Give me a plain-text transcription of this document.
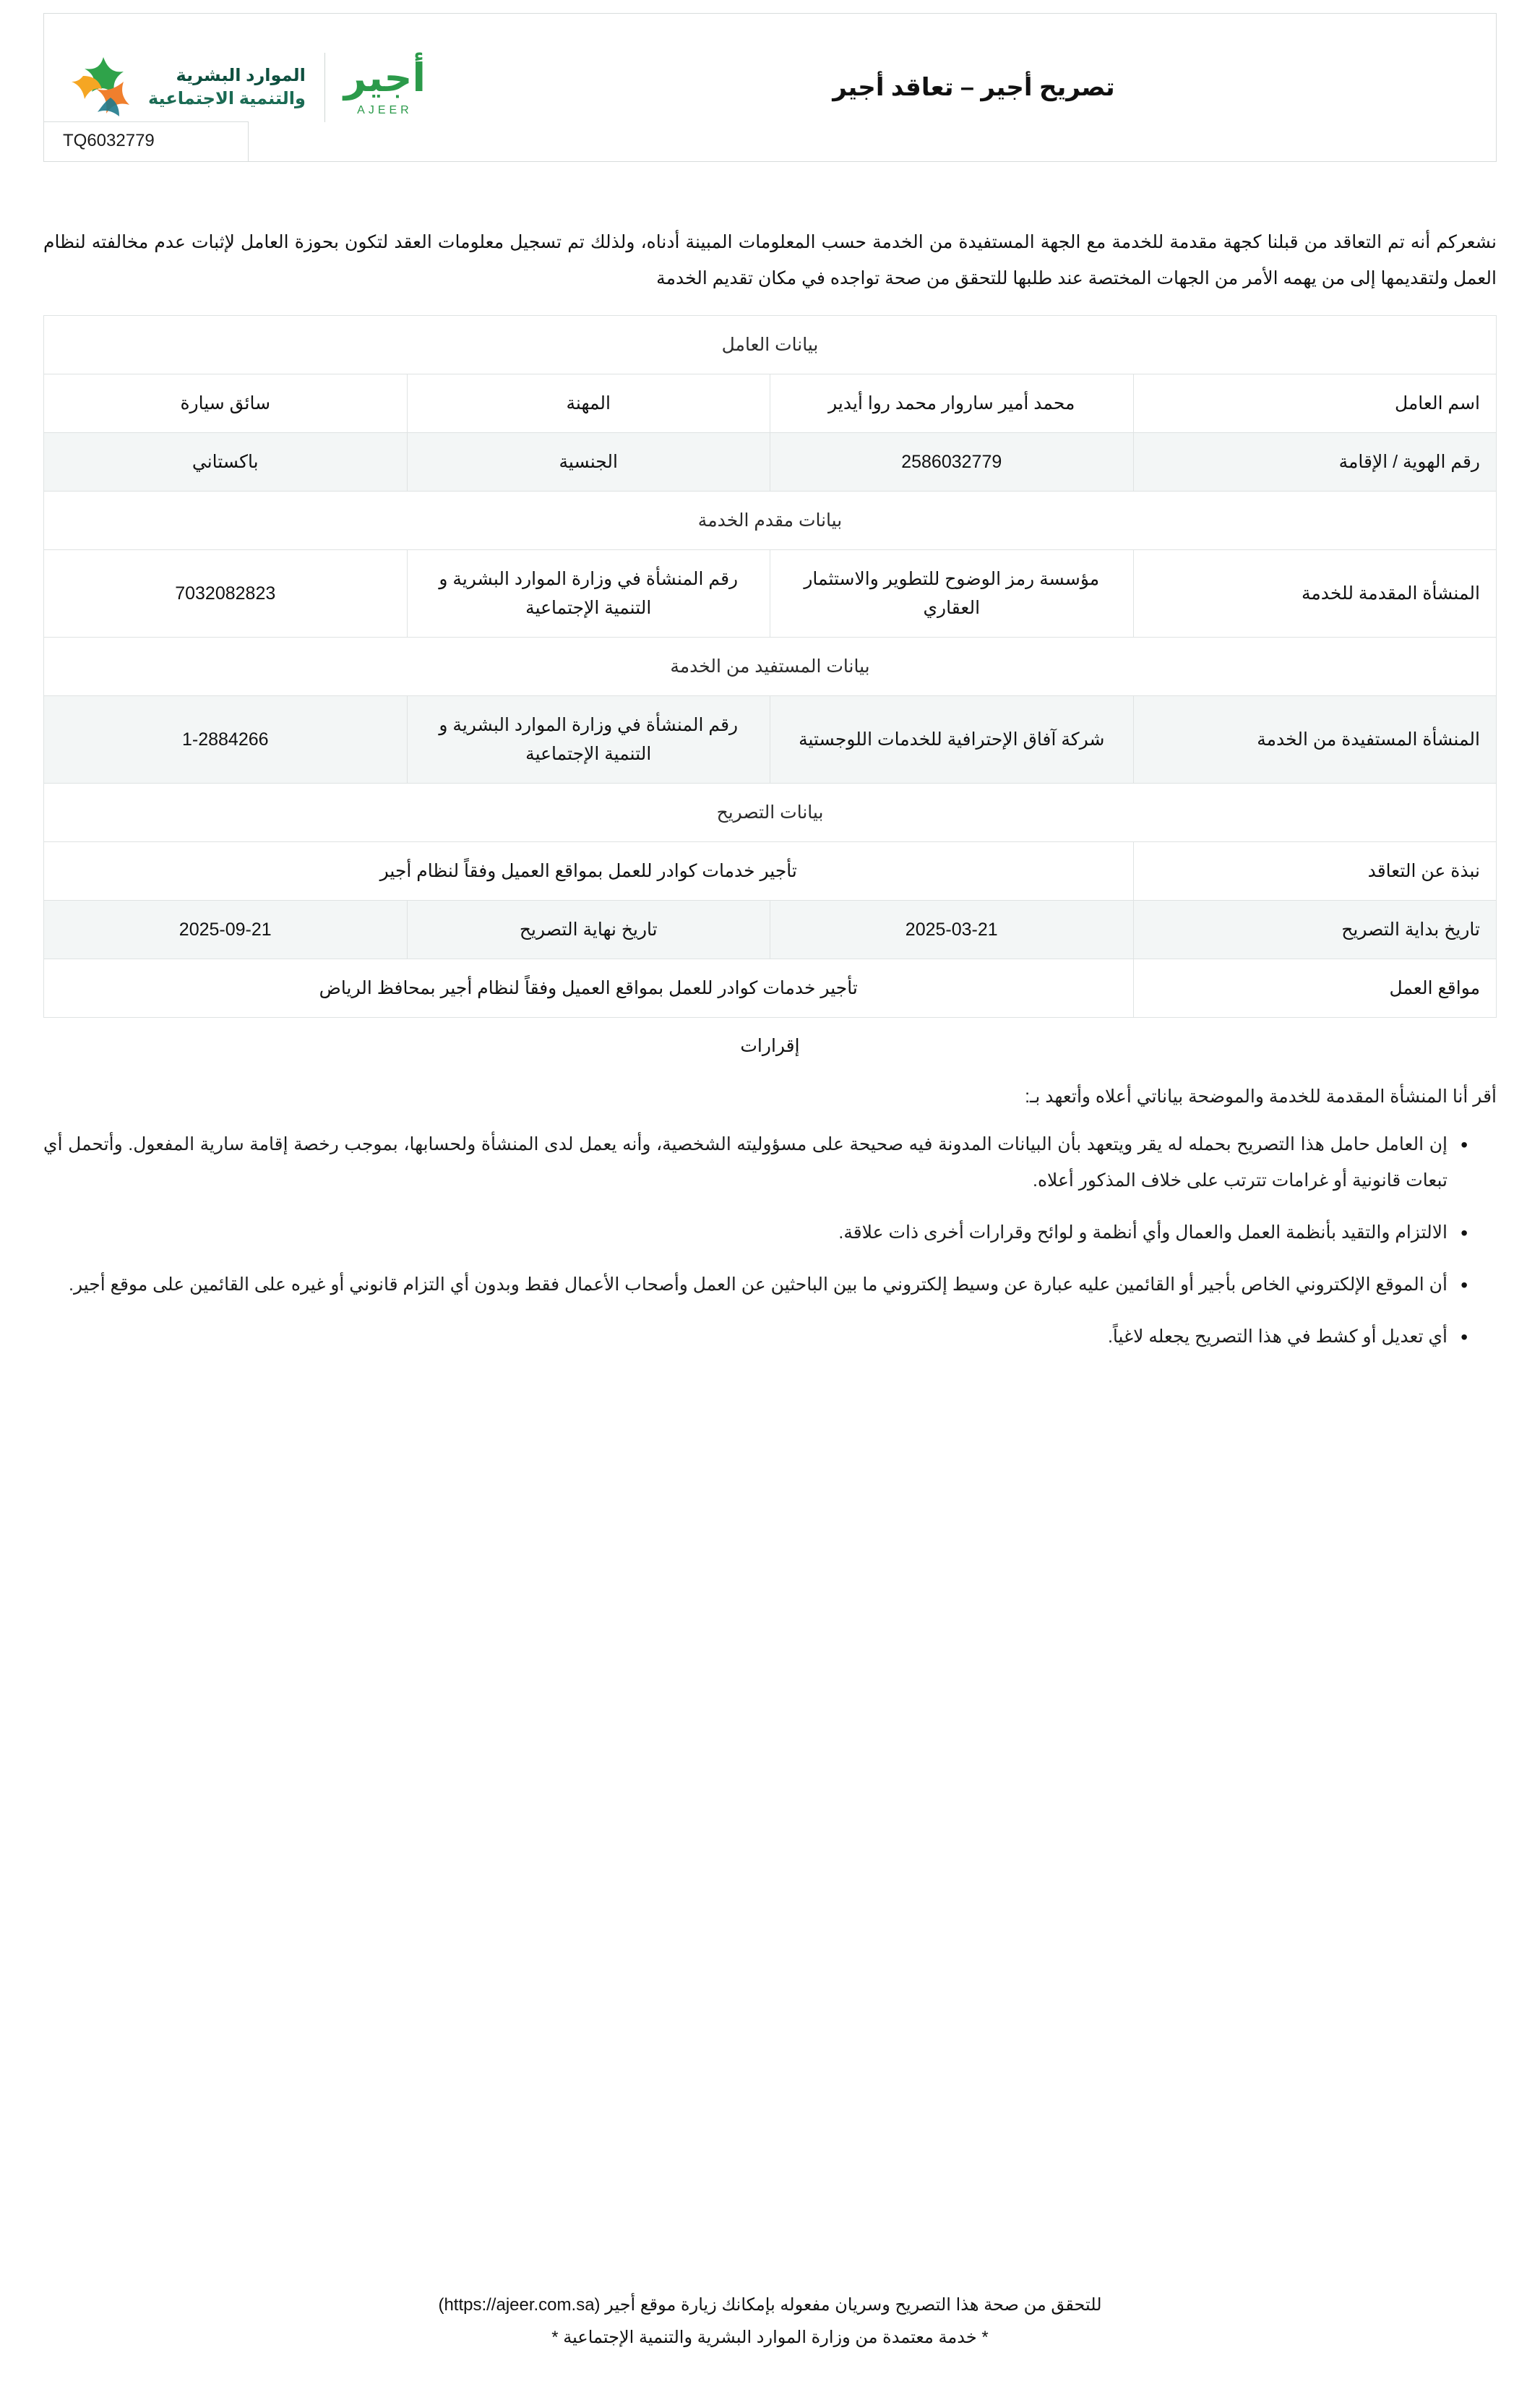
تصريح أجير – تعاقد أجير
أجير
AJEER
الموارد البشرية
والتنمية الاجتماعية
TQ6032779

نشعركم أنه تم التعاقد من قبلنا كجهة مقدمة للخدمة مع الجهة المستفيدة من الخدمة حسب المعلومات المبينة أدناه، ولذلك تم تسجيل معلومات العقد لتكون بحوزة العامل لإثبات عدم مخالفته لنظام العمل ولتقديمها إلى من يهمه الأمر من الجهات المختصة عند طلبها للتحقق من صحة تواجده في مكان تقديم الخدمة

بيانات العامل			
اسم العامل	محمد أمير ساروار محمد روا أيدير	المهنة	سائق سيارة
رقم الهوية / الإقامة	2586032779	الجنسية	باكستاني
بيانات مقدم الخدمة			
المنشأة المقدمة للخدمة	مؤسسة رمز الوضوح للتطوير والاستثمار العقاري	رقم المنشأة في وزارة الموارد البشرية و التنمية الإجتماعية	7032082823
بيانات المستفيد من الخدمة			
المنشأة المستفيدة من الخدمة	شركة آفاق الإحترافية للخدمات اللوجستية	رقم المنشأة في وزارة الموارد البشرية و التنمية الإجتماعية	1-2884266
بيانات التصريح			
نبذة عن التعاقد	تأجير خدمات كوادر للعمل بمواقع العميل وفقاً لنظام أجير		
تاريخ بداية التصريح	2025-03-21	تاريخ نهاية التصريح	2025-09-21
مواقع العمل	تأجير خدمات كوادر للعمل بمواقع العميل وفقاً لنظام أجير بمحافظ الرياض		
إقرارات

أقر أنا المنشأة المقدمة للخدمة والموضحة بياناتي أعلاه وأتعهد بـ:

• إن العامل حامل هذا التصريح بحمله له يقر ويتعهد بأن البيانات المدونة فيه صحيحة على مسؤوليته الشخصية، وأنه يعمل لدى المنشأة ولحسابها، بموجب رخصة إقامة سارية المفعول. وأتحمل أي تبعات قانونية أو غرامات تترتب على خلاف المذكور أعلاه.
• الالتزام والتقيد بأنظمة العمل والعمال وأي أنظمة و لوائح وقرارات أخرى ذات علاقة.
• أن الموقع الإلكتروني الخاص بأجير أو القائمين عليه عبارة عن وسيط إلكتروني ما بين الباحثين عن العمل وأصحاب الأعمال فقط وبدون أي التزام قانوني أو غيره على القائمين على موقع أجير.
• أي تعديل أو كشط في هذا التصريح يجعله لاغياً.
للتحقق من صحة هذا التصريح وسريان مفعوله بإمكانك زيارة موقع أجير (https://ajeer.com.sa)
* خدمة معتمدة من وزارة الموارد البشرية والتنمية الإجتماعية *
